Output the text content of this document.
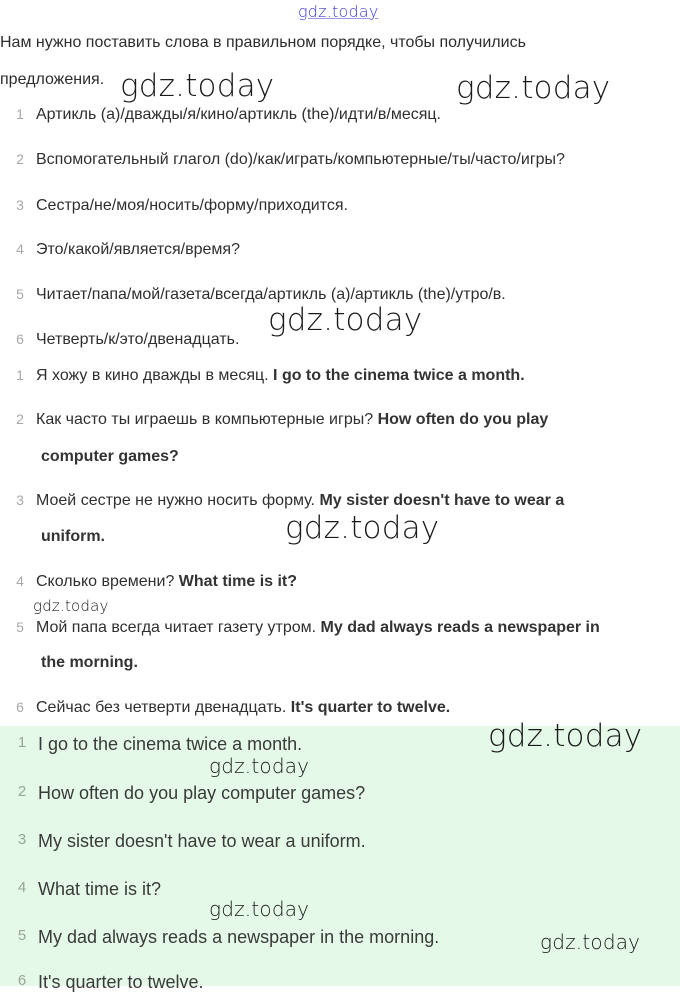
gdz.today
Нам нужно поставить слова в правильном порядке, чтобы получились
предложения.
1 Артикль (a)/дважды/я/кино/артикль (the)/идти/в/месяц.
2 Вспомогательный глагол (do)/как/играть/компьютерные/ты/часто/игры?
3 Сестра/не/моя/носить/форму/приходится.
4 Это/какой/является/время?
5 Читает/папа/мой/газета/всегда/артикль (a)/артикль (the)/утро/в.
6 Четверть/к/это/двенадцать.
1 Я хожу в кино дважды в месяц. I go to the cinema twice a month.
2 Как часто ты играешь в компьютерные игры? How often do you play
computer games?
3 Моей сестре не нужно носить форму. My sister doesn't have to wear a
uniform.
4 Сколько времени? What time is it?
5 Мой папа всегда читает газету утром. My dad always reads a newspaper in
the morning.
6 Сейчас без четверти двенадцать. It's quarter to twelve.
1 I go to the cinema twice a month.
2 How often do you play computer games?
3 My sister doesn't have to wear a uniform.
4 What time is it?
5 My dad always reads a newspaper in the morning.
6 It's quarter to twelve.
gdz.today	gdz.today
gdz.today
gdz.today
gdz.today
gdz.today
gdz.today
gdz.today
gdz.today
